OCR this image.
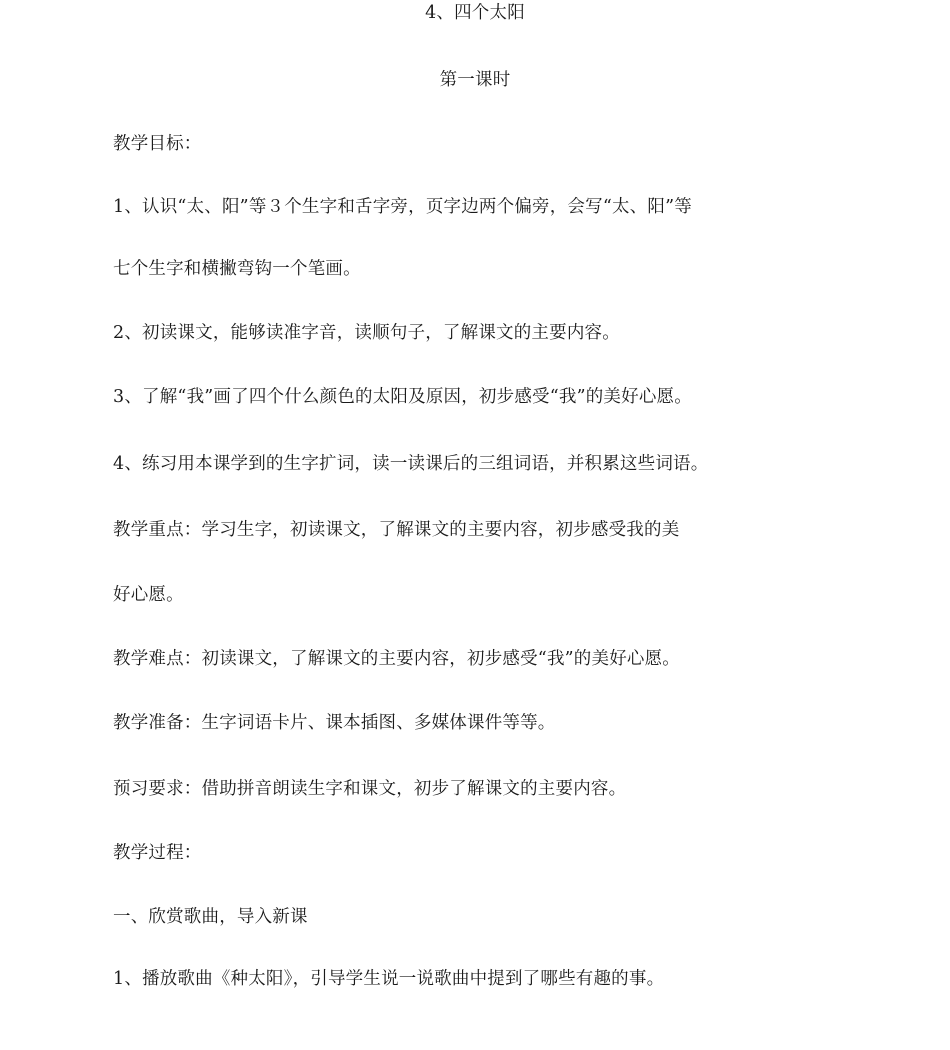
4、四个太阳
第一课时
教学目标：
1、认识“太、阳”等３个生字和舌字旁，页字边两个偏旁，会写“太、阳”等
七个生字和横撇弯钩一个笔画。
2、初读课文，能够读准字音，读顺句子，了解课文的主要内容。
3、了解“我”画了四个什么颜色的太阳及原因，初步感受“我”的美好心愿。
4、练习用本课学到的生字扩词，读一读课后的三组词语，并积累这些词语。
教学重点：学习生字，初读课文，了解课文的主要内容，初步感受我的美
好心愿。
教学难点：初读课文，了解课文的主要内容，初步感受“我”的美好心愿。
教学准备：生字词语卡片、课本插图、多媒体课件等等。
预习要求：借助拼音朗读生字和课文，初步了解课文的主要内容。
教学过程：
一、欣赏歌曲，导入新课
1、播放歌曲《种太阳》，引导学生说一说歌曲中提到了哪些有趣的事。
